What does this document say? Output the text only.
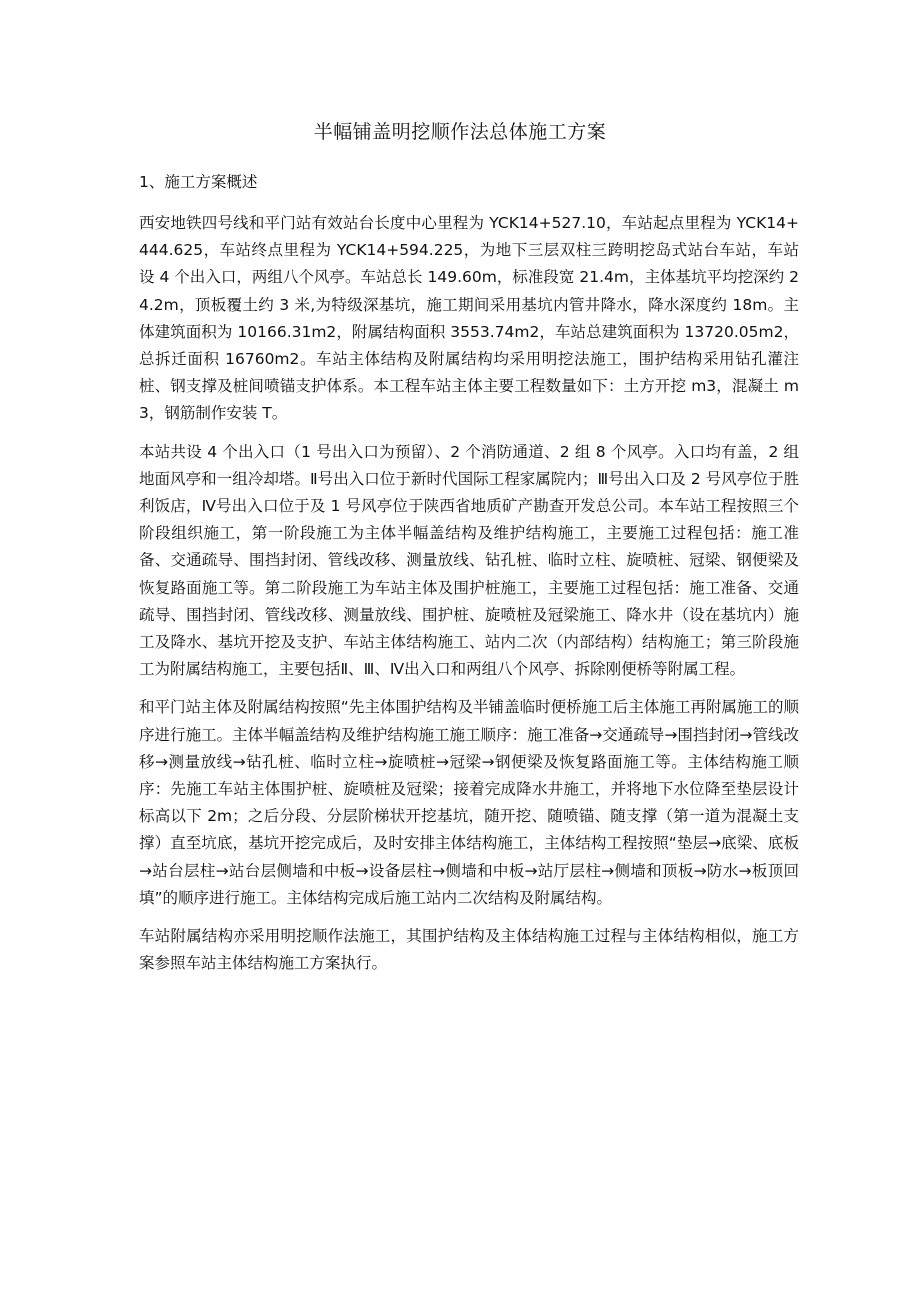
半幅铺盖明挖顺作法总体施工方案
1、施工方案概述

西安地铁四号线和平门站有效站台长度中心里程为 YCK14+527.10，车站起点里程为 YCK14+444.625，车站终点里程为 YCK14+594.225，为地下三层双柱三跨明挖岛式站台车站，车站设 4 个出入口，两组八个风亭。车站总长 149.60m，标准段宽 21.4m，主体基坑平均挖深约 24.2m，顶板覆土约 3 米,为特级深基坑，施工期间采用基坑内管井降水，降水深度约 18m。主体建筑面积为 10166.31m2，附属结构面积 3553.74m2，车站总建筑面积为 13720.05m2，总拆迁面积 16760m2。车站主体结构及附属结构均采用明挖法施工，围护结构采用钻孔灌注桩、钢支撑及桩间喷锚支护体系。本工程车站主体主要工程数量如下：土方开挖 m3，混凝土 m3，钢筋制作安装 T。

本站共设 4 个出入口（1 号出入口为预留）、2 个消防通道、2 组 8 个风亭。入口均有盖，2 组地面风亭和一组冷却塔。Ⅱ号出入口位于新时代国际工程家属院内；Ⅲ号出入口及 2 号风亭位于胜利饭店，Ⅳ号出入口位于及 1 号风亭位于陕西省地质矿产勘查开发总公司。本车站工程按照三个阶段组织施工，第一阶段施工为主体半幅盖结构及维护结构施工，主要施工过程包括：施工准备、交通疏导、围挡封闭、管线改移、测量放线、钻孔桩、临时立柱、旋喷桩、冠梁、钢便梁及恢复路面施工等。第二阶段施工为车站主体及围护桩施工，主要施工过程包括：施工准备、交通疏导、围挡封闭、管线改移、测量放线、围护桩、旋喷桩及冠梁施工、降水井（设在基坑内）施工及降水、基坑开挖及支护、车站主体结构施工、站内二次（内部结构）结构施工；第三阶段施工为附属结构施工，主要包括Ⅱ、Ⅲ、Ⅳ出入口和两组八个风亭、拆除刚便桥等附属工程。

和平门站主体及附属结构按照“先主体围护结构及半铺盖临时便桥施工后主体施工再附属施工的顺序进行施工。主体半幅盖结构及维护结构施工施工顺序：施工准备→交通疏导→围挡封闭→管线改移→测量放线→钻孔桩、临时立柱→旋喷桩→冠梁→钢便梁及恢复路面施工等。主体结构施工顺序：先施工车站主体围护桩、旋喷桩及冠梁；接着完成降水井施工，并将地下水位降至垫层设计标高以下 2m；之后分段、分层阶梯状开挖基坑，随开挖、随喷锚、随支撑（第一道为混凝土支撑）直至坑底，基坑开挖完成后，及时安排主体结构施工，主体结构工程按照“垫层→底梁、底板→站台层柱→站台层侧墙和中板→设备层柱→侧墙和中板→站厅层柱→侧墙和顶板→防水→板顶回填”的顺序进行施工。主体结构完成后施工站内二次结构及附属结构。

车站附属结构亦采用明挖顺作法施工，其围护结构及主体结构施工过程与主体结构相似，施工方案参照车站主体结构施工方案执行。
